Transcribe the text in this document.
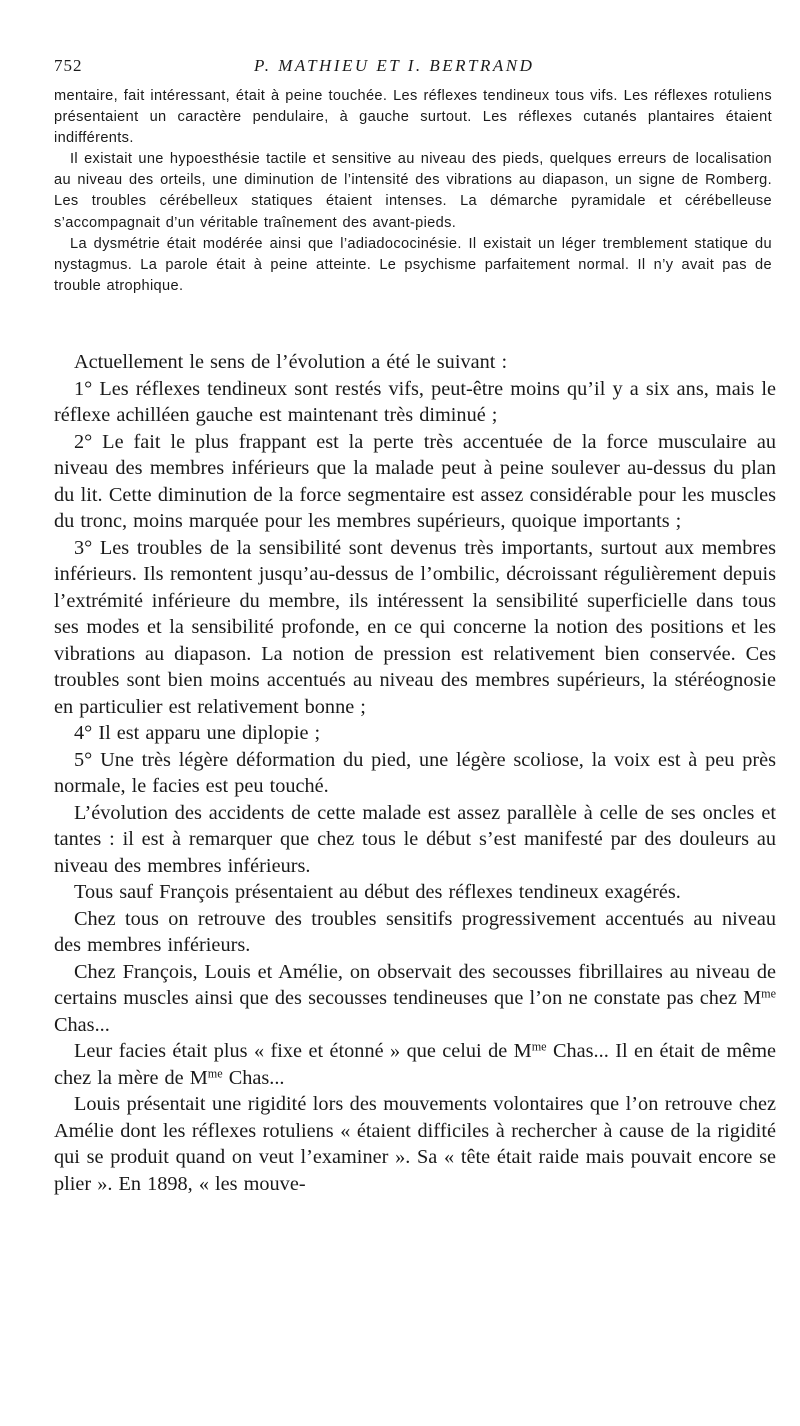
752	P. MATHIEU ET I. BERTRAND

mentaire, fait intéressant, était à peine touchée. Les réflexes tendineux tous vifs. Les réflexes rotuliens présentaient un caractère pendulaire, à gauche surtout. Les réflexes cutanés plantaires étaient indifférents.

Il existait une hypoesthésie tactile et sensitive au niveau des pieds, quelques erreurs de localisation au niveau des orteils, une diminution de l’intensité des vibrations au diapason, un signe de Romberg. Les troubles cérébelleux statiques étaient intenses. La démarche pyramidale et cérébelleuse s’accompagnait d’un véritable traînement des avant-pieds.

La dysmétrie était modérée ainsi que l’adiadococinésie. Il existait un léger tremblement statique du nystagmus. La parole était à peine atteinte. Le psychisme parfaitement normal. Il n’y avait pas de trouble atrophique.

Actuellement le sens de l’évolution a été le suivant :

1° Les réflexes tendineux sont restés vifs, peut-être moins qu’il y a six ans, mais le réflexe achilléen gauche est maintenant très diminué ;

2° Le fait le plus frappant est la perte très accentuée de la force musculaire au niveau des membres inférieurs que la malade peut à peine soulever au-dessus du plan du lit. Cette diminution de la force segmentaire est assez considérable pour les muscles du tronc, moins marquée pour les membres supérieurs, quoique importants ;

3° Les troubles de la sensibilité sont devenus très importants, surtout aux membres inférieurs. Ils remontent jusqu’au-dessus de l’ombilic, décroissant régulièrement depuis l’extrémité inférieure du membre, ils intéressent la sensibilité superficielle dans tous ses modes et la sensibilité profonde, en ce qui concerne la notion des positions et les vibrations au diapason. La notion de pression est relativement bien conservée. Ces troubles sont bien moins accentués au niveau des membres supérieurs, la stéréognosie en particulier est relativement bonne ;

4° Il est apparu une diplopie ;

5° Une très légère déformation du pied, une légère scoliose, la voix est à peu près normale, le facies est peu touché.

L’évolution des accidents de cette malade est assez parallèle à celle de ses oncles et tantes : il est à remarquer que chez tous le début s’est manifesté par des douleurs au niveau des membres inférieurs.

Tous sauf François présentaient au début des réflexes tendineux exagérés.

Chez tous on retrouve des troubles sensitifs progressivement accentués au niveau des membres inférieurs.

Chez François, Louis et Amélie, on observait des secousses fibrillaires au niveau de certains muscles ainsi que des secousses tendineuses que l’on ne constate pas chez $M^{me}$ Chas...

Leur facies était plus « fixe et étonné » que celui de $M^{me}$ Chas... Il en était de même chez la mère de $M^{me}$ Chas...

Louis présentait une rigidité lors des mouvements volontaires que l’on retrouve chez Amélie dont les réflexes rotuliens « étaient difficiles à rechercher à cause de la rigidité qui se produit quand on veut l’examiner ». Sa « tête était raide mais pouvait encore se plier ». En 1898, « les mouve-
